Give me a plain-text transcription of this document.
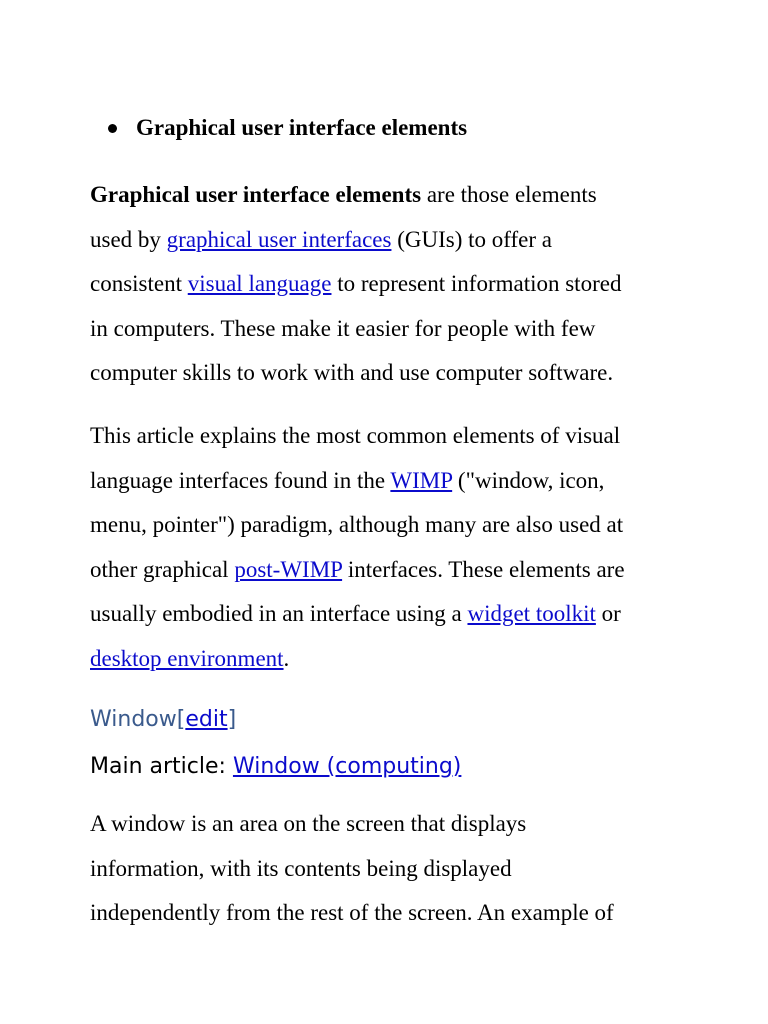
Graphical user interface elements

Graphical user interface elements are those elements
used by graphical user interfaces (GUIs) to offer a
consistent visual language to represent information stored
in computers. These make it easier for people with few
computer skills to work with and use computer software.

This article explains the most common elements of visual
language interfaces found in the WIMP ("window, icon,
menu, pointer") paradigm, although many are also used at
other graphical post-WIMP interfaces. These elements are
usually embodied in an interface using a widget toolkit or
desktop environment.

Window[edit]
Main article: Window (computing)

A window is an area on the screen that displays
information, with its contents being displayed
independently from the rest of the screen. An example of
